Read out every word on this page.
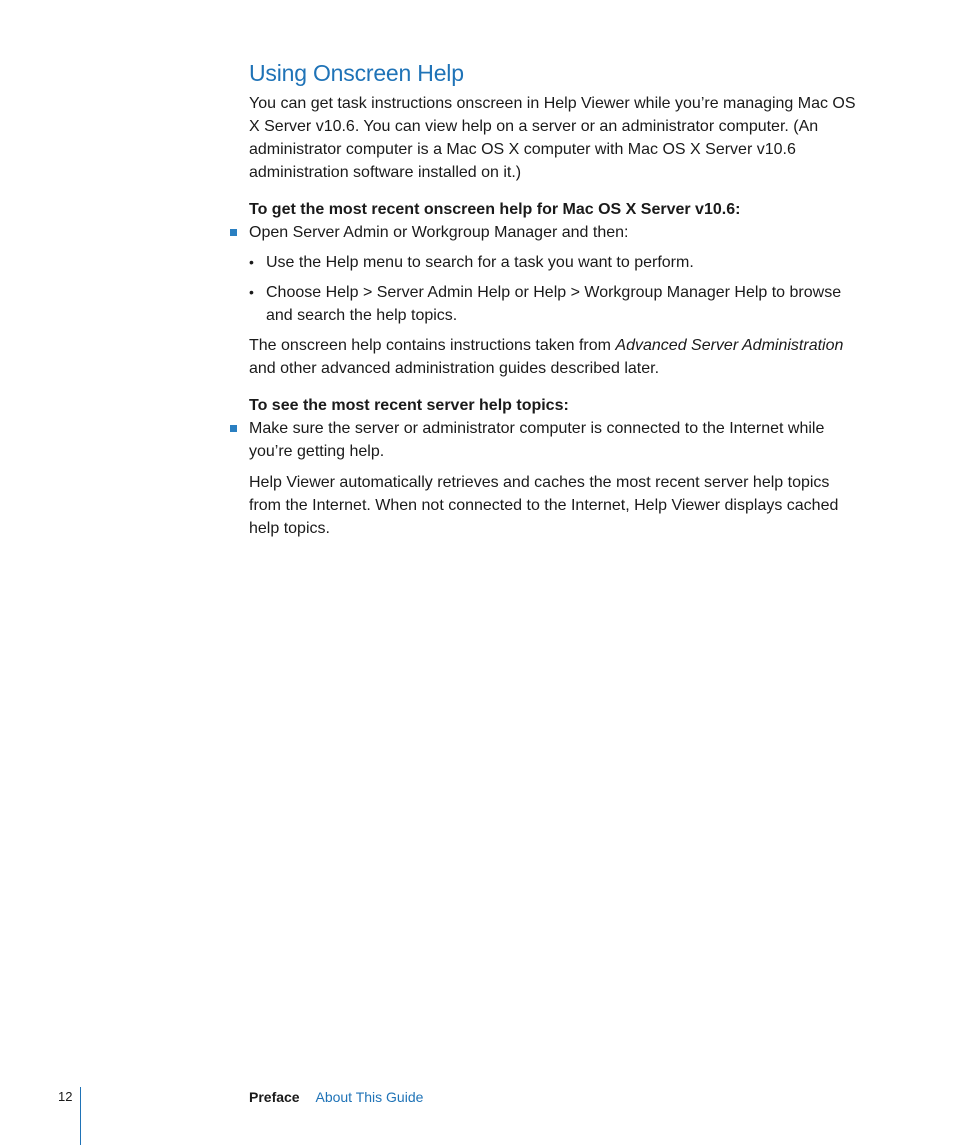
Using Onscreen Help

You can get task instructions onscreen in Help Viewer while you’re managing Mac OS X Server v10.6. You can view help on a server or an administrator computer. (An administrator computer is a Mac OS X computer with Mac OS X Server v10.6 administration software installed on it.)

To get the most recent onscreen help for Mac OS X Server v10.6:

Open Server Admin or Workgroup Manager and then:
• Use the Help menu to search for a task you want to perform.
• Choose Help > Server Admin Help or Help > Workgroup Manager Help to browse and search the help topics.

The onscreen help contains instructions taken from Advanced Server Administration and other advanced administration guides described later.

To see the most recent server help topics:

Make sure the server or administrator computer is connected to the Internet while you’re getting help.

Help Viewer automatically retrieves and caches the most recent server help topics from the Internet. When not connected to the Internet, Help Viewer displays cached help topics.

12	Preface About This Guide
